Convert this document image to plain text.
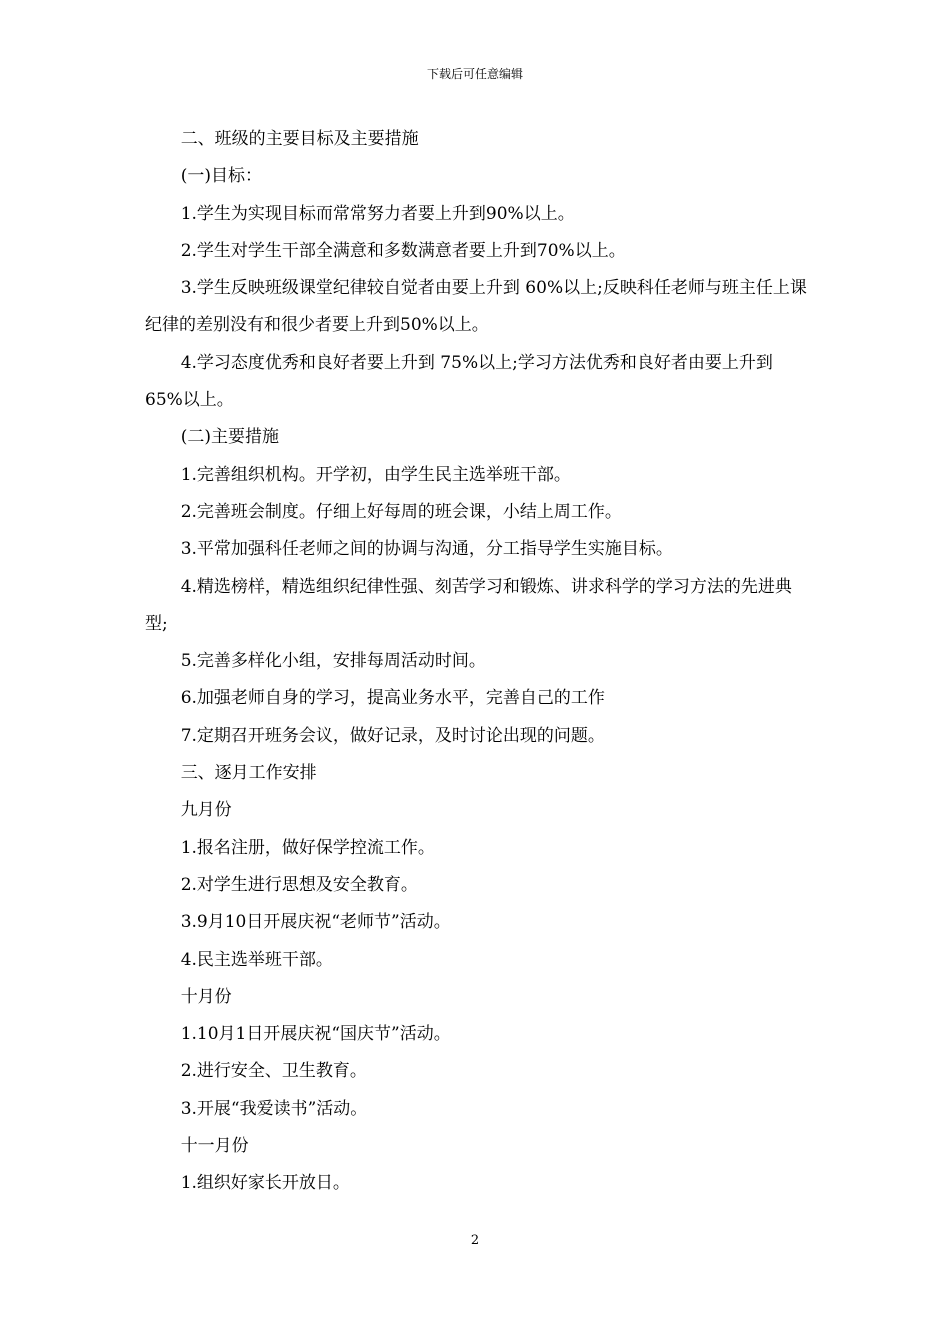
下载后可任意编辑

二、班级的主要目标及主要措施

(一)目标：

1.学生为实现目标而常常努力者要上升到90%以上。

2.学生对学生干部全满意和多数满意者要上升到70%以上。

3.学生反映班级课堂纪律较自觉者由要上升到 60%以上;反映科任老师与班主任上课纪律的差别没有和很少者要上升到50%以上。

4.学习态度优秀和良好者要上升到 75%以上;学习方法优秀和良好者由要上升到65%以上。

(二)主要措施

1.完善组织机构。开学初，由学生民主选举班干部。

2.完善班会制度。仔细上好每周的班会课，小结上周工作。

3.平常加强科任老师之间的协调与沟通，分工指导学生实施目标。

4.精选榜样，精选组织纪律性强、刻苦学习和锻炼、讲求科学的学习方法的先进典型;

5.完善多样化小组，安排每周活动时间。

6.加强老师自身的学习，提高业务水平，完善自己的工作

7.定期召开班务会议，做好记录，及时讨论出现的问题。

三、逐月工作安排

九月份

1.报名注册，做好保学控流工作。

2.对学生进行思想及安全教育。

3.9月10日开展庆祝“老师节”活动。

4.民主选举班干部。

十月份

1.10月1日开展庆祝“国庆节”活动。

2.进行安全、卫生教育。

3.开展“我爱读书”活动。

十一月份

1.组织好家长开放日。

2
